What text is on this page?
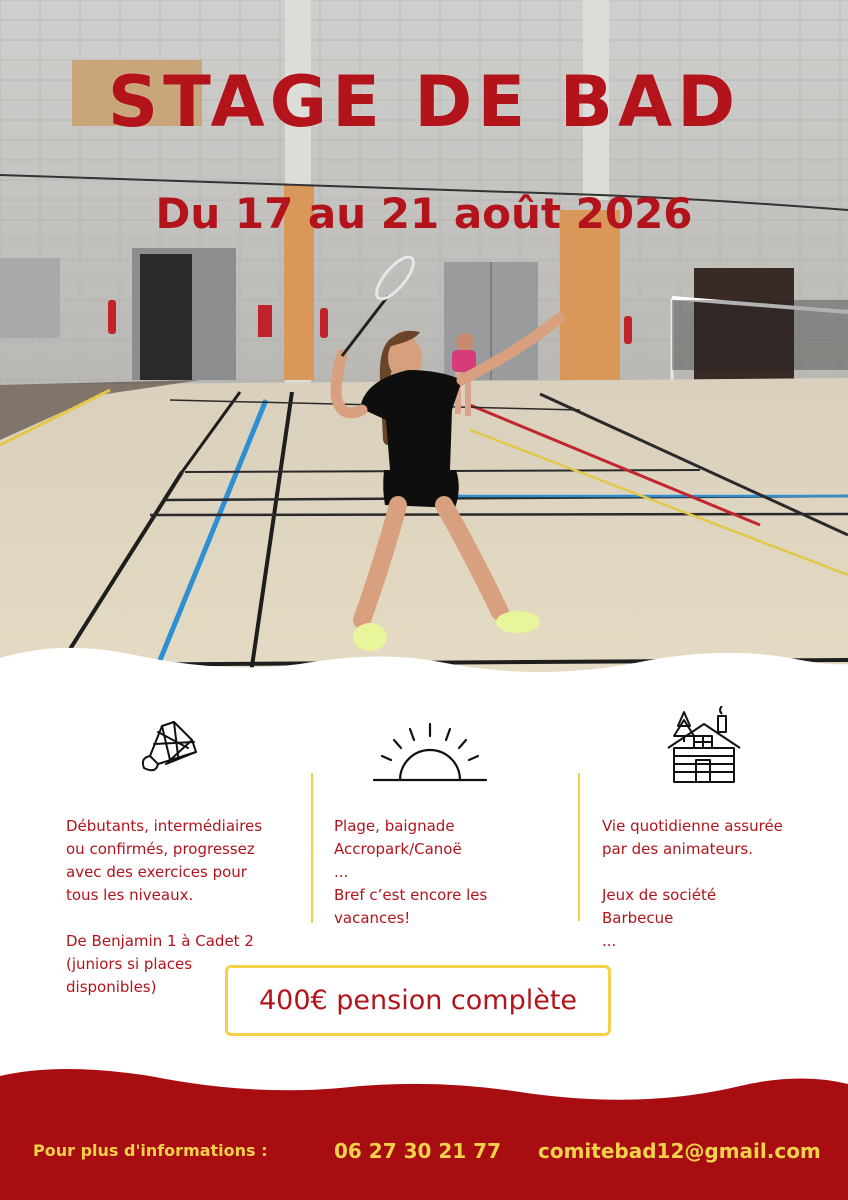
STAGE DE BAD
Du 17 au 21 août 2026

Débutants, intermédiaires
ou confirmés, progressez
avec des exercices pour
tous les niveaux.

De Benjamin 1 à Cadet 2
(juniors si places
disponibles)

Plage, baignade
Accropark/Canoë
...
Bref c’est encore les
vacances!

Vie quotidienne assurée
par des animateurs.

Jeux de société
Barbecue
...

400€ pension complète
Pour plus d'informations :	06 27 30 21 77 comitebad12@gmail.com
